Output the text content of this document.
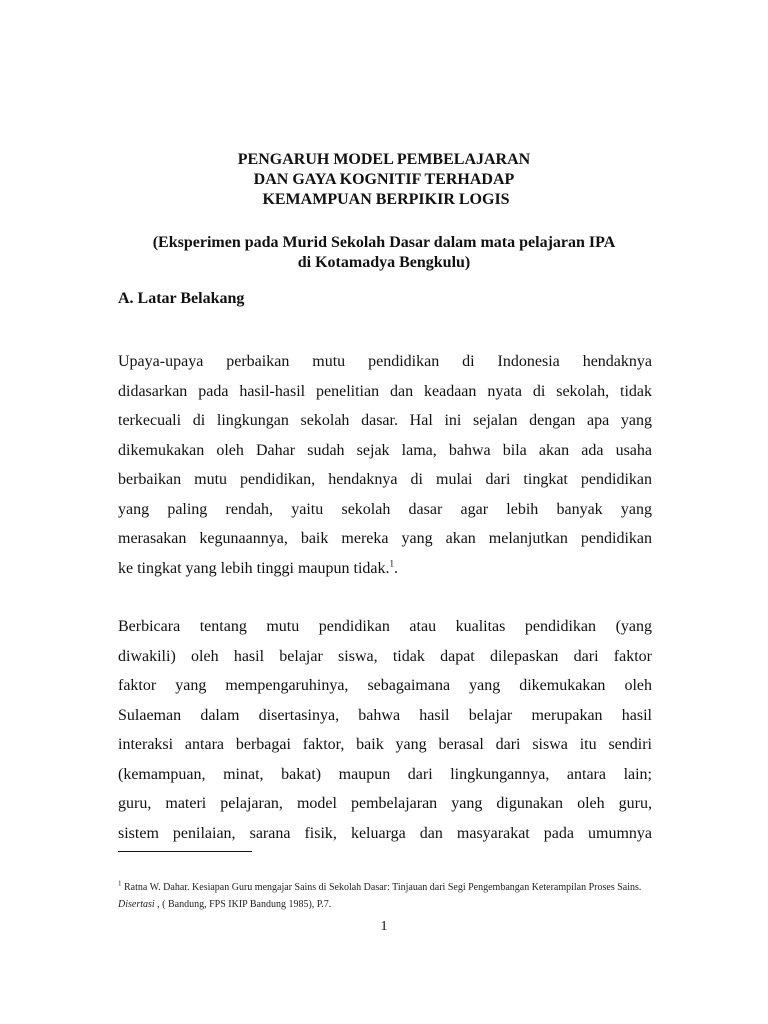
PENGARUH MODEL PEMBELAJARAN
DAN GAYA KOGNITIF TERHADAP
KEMAMPUAN BERPIKIR LOGIS
(Eksperimen pada Murid Sekolah Dasar dalam mata pelajaran IPA
di Kotamadya Bengkulu)
A. Latar Belakang
Upaya-upaya perbaikan mutu pendidikan di Indonesia hendaknya
didasarkan pada hasil-hasil penelitian dan keadaan nyata di sekolah, tidak
terkecuali di lingkungan sekolah dasar. Hal ini sejalan dengan apa yang
dikemukakan oleh Dahar sudah sejak lama, bahwa bila akan ada usaha
berbaikan mutu pendidikan, hendaknya di mulai dari tingkat pendidikan
yang paling rendah, yaitu sekolah dasar agar lebih banyak yang
merasakan kegunaannya, baik mereka yang akan melanjutkan pendidikan
ke tingkat yang lebih tinggi maupun tidak.$^1$.
Berbicara tentang mutu pendidikan atau kualitas pendidikan (yang
diwakili) oleh hasil belajar siswa, tidak dapat dilepaskan dari faktor
faktor yang mempengaruhinya, sebagaimana yang dikemukakan oleh
Sulaeman dalam disertasinya, bahwa hasil belajar merupakan hasil
interaksi antara berbagai faktor, baik yang berasal dari siswa itu sendiri
(kemampuan, minat, bakat) maupun dari lingkungannya, antara lain;
guru, materi pelajaran, model pembelajaran yang digunakan oleh guru,
sistem penilaian, sarana fisik, keluarga dan masyarakat pada umumnya
$^1$ Ratna W. Dahar. Kesiapan Guru mengajar Sains di Sekolah Dasar: Tinjauan dari Segi Pengembangan Keterampilan Proses Sains. Disertasi , ( Bandung, FPS IKIP Bandung 1985), P.7.
1
